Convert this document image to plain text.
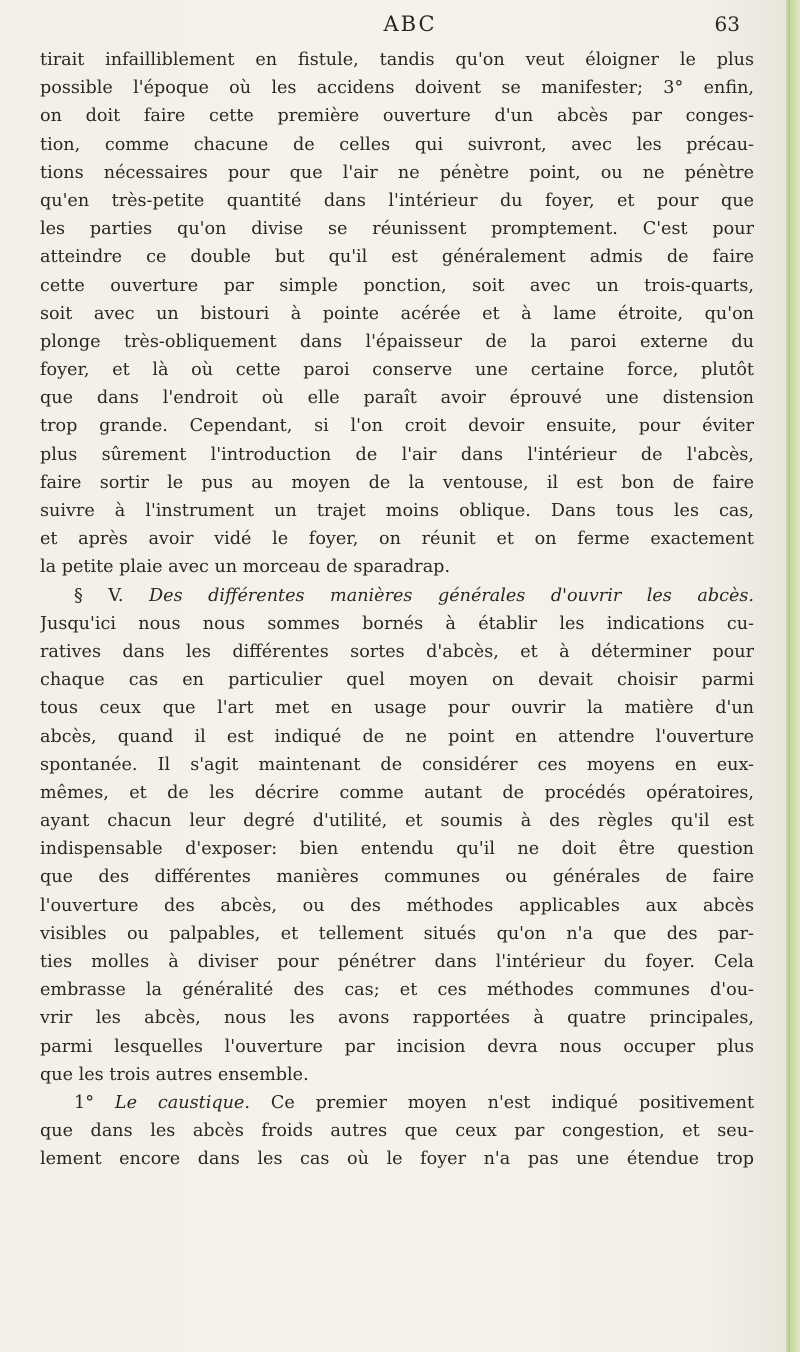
ABC	63
tirait infailliblement en fistule, tandis qu'on veut éloigner le plus
possible l'époque où les accidens doivent se manifester; 3° enfin,
on doit faire cette première ouverture d'un abcès par conges-
tion, comme chacune de celles qui suivront, avec les précau-
tions nécessaires pour que l'air ne pénètre point, ou ne pénètre
qu'en très-petite quantité dans l'intérieur du foyer, et pour que
les parties qu'on divise se réunissent promptement. C'est pour
atteindre ce double but qu'il est généralement admis de faire
cette ouverture par simple ponction, soit avec un trois-quarts,
soit avec un bistouri à pointe acérée et à lame étroite, qu'on
plonge très-obliquement dans l'épaisseur de la paroi externe du
foyer, et là où cette paroi conserve une certaine force, plutôt
que dans l'endroit où elle paraît avoir éprouvé une distension
trop grande. Cependant, si l'on croit devoir ensuite, pour éviter
plus sûrement l'introduction de l'air dans l'intérieur de l'abcès,
faire sortir le pus au moyen de la ventouse, il est bon de faire
suivre à l'instrument un trajet moins oblique. Dans tous les cas,
et après avoir vidé le foyer, on réunit et on ferme exactement
la petite plaie avec un morceau de sparadrap.
§ V. Des différentes manières générales d'ouvrir les abcès.
Jusqu'ici nous nous sommes bornés à établir les indications cu-
ratives dans les différentes sortes d'abcès, et à déterminer pour
chaque cas en particulier quel moyen on devait choisir parmi
tous ceux que l'art met en usage pour ouvrir la matière d'un
abcès, quand il est indiqué de ne point en attendre l'ouverture
spontanée. Il s'agit maintenant de considérer ces moyens en eux-
mêmes, et de les décrire comme autant de procédés opératoires,
ayant chacun leur degré d'utilité, et soumis à des règles qu'il est
indispensable d'exposer: bien entendu qu'il ne doit être question
que des différentes manières communes ou générales de faire
l'ouverture des abcès, ou des méthodes applicables aux abcès
visibles ou palpables, et tellement situés qu'on n'a que des par-
ties molles à diviser pour pénétrer dans l'intérieur du foyer. Cela
embrasse la généralité des cas; et ces méthodes communes d'ou-
vrir les abcès, nous les avons rapportées à quatre principales,
parmi lesquelles l'ouverture par incision devra nous occuper plus
que les trois autres ensemble.
1° Le caustique. Ce premier moyen n'est indiqué positivement
que dans les abcès froids autres que ceux par congestion, et seu-
lement encore dans les cas où le foyer n'a pas une étendue trop
